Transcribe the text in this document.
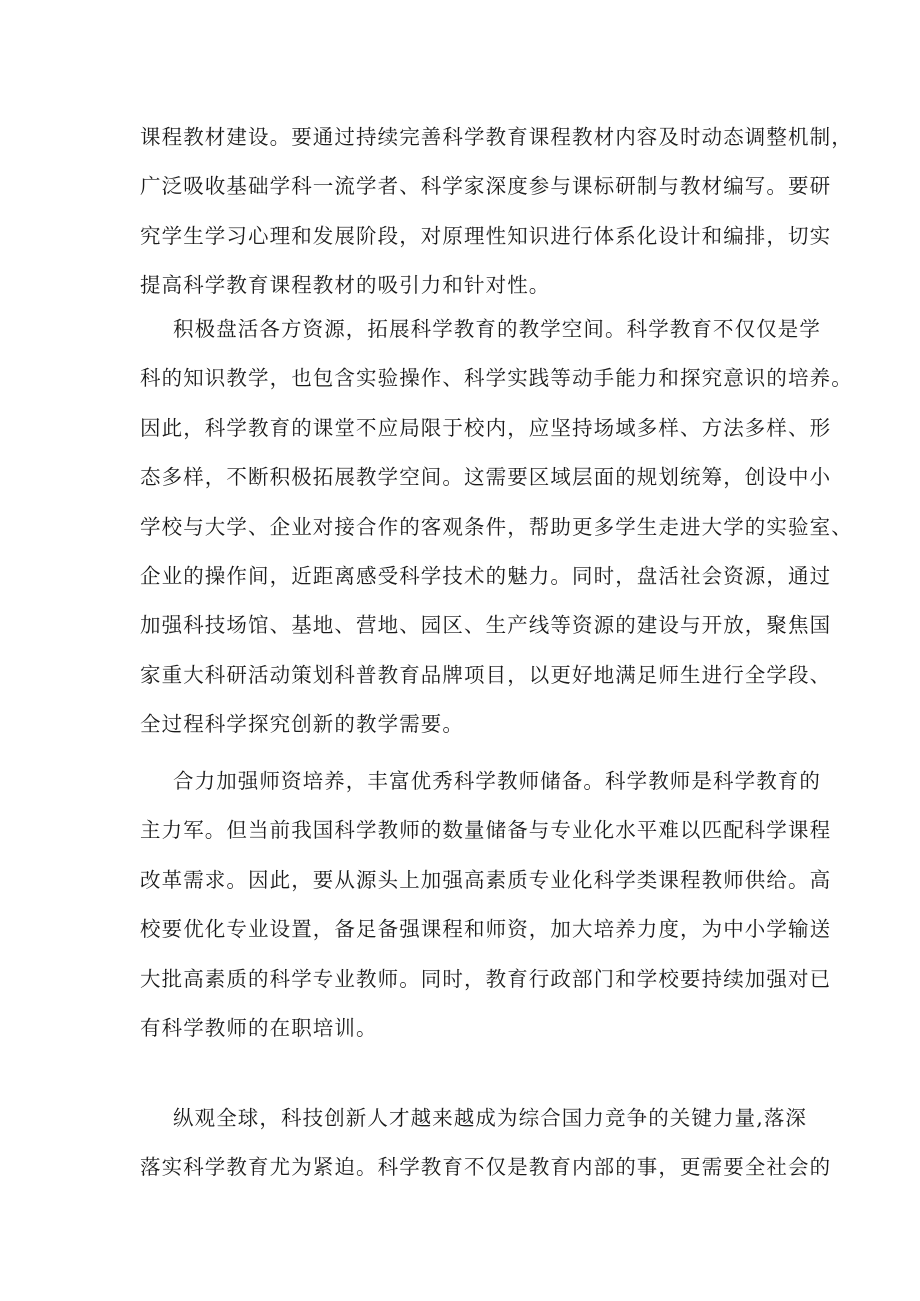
课程教材建设。要通过持续完善科学教育课程教材内容及时动态调整机制，
广泛吸收基础学科一流学者、科学家深度参与课标研制与教材编写。要研
究学生学习心理和发展阶段，对原理性知识进行体系化设计和编排，切实
提高科学教育课程教材的吸引力和针对性。
积极盘活各方资源，拓展科学教育的教学空间。科学教育不仅仅是学
科的知识教学，也包含实验操作、科学实践等动手能力和探究意识的培养。
因此，科学教育的课堂不应局限于校内，应坚持场域多样、方法多样、形
态多样，不断积极拓展教学空间。这需要区域层面的规划统筹，创设中小
学校与大学、企业对接合作的客观条件，帮助更多学生走进大学的实验室、
企业的操作间，近距离感受科学技术的魅力。同时，盘活社会资源，通过
加强科技场馆、基地、营地、园区、生产线等资源的建设与开放，聚焦国
家重大科研活动策划科普教育品牌项目，以更好地满足师生进行全学段、
全过程科学探究创新的教学需要。
合力加强师资培养，丰富优秀科学教师储备。科学教师是科学教育的
主力军。但当前我国科学教师的数量储备与专业化水平难以匹配科学课程
改革需求。因此，要从源头上加强高素质专业化科学类课程教师供给。高
校要优化专业设置，备足备强课程和师资，加大培养力度，为中小学输送
大批高素质的科学专业教师。同时，教育行政部门和学校要持续加强对已
有科学教师的在职培训。
纵观全球，科技创新人才越来越成为综合国力竞争的关键力量,落深
落实科学教育尤为紧迫。科学教育不仅是教育内部的事，更需要全社会的
